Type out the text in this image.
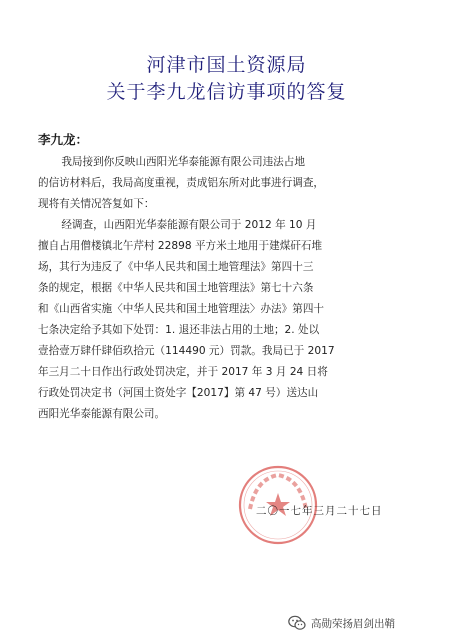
河津市国土资源局
关于李九龙信访事项的答复
李九龙：
我局接到你反映山西阳光华泰能源有限公司违法占地
的信访材料后，我局高度重视，责成铝东所对此事进行调查，
现将有关情况答复如下：
经调查，山西阳光华泰能源有限公司于 2012 年 10 月
擅自占用僧楼镇北午芹村 22898 平方米土地用于建煤矸石堆
场，其行为违反了《中华人民共和国土地管理法》第四十三
条的规定，根据《中华人民共和国土地管理法》第七十六条
和《山西省实施〈中华人民共和国土地管理法〉办法》第四十
七条决定给予其如下处罚：1. 退还非法占用的土地；2. 处以
壹拾壹万肆仟肆佰玖拾元（114490 元）罚款。我局已于 2017
年三月二十日作出行政处罚决定，并于 2017 年 3 月 24 日将
行政处罚决定书（河国土资处字【2017】第 47 号）送达山
西阳光华泰能源有限公司。
二〇一七年三月二十七日
高勋荣扬眉剑出鞘
